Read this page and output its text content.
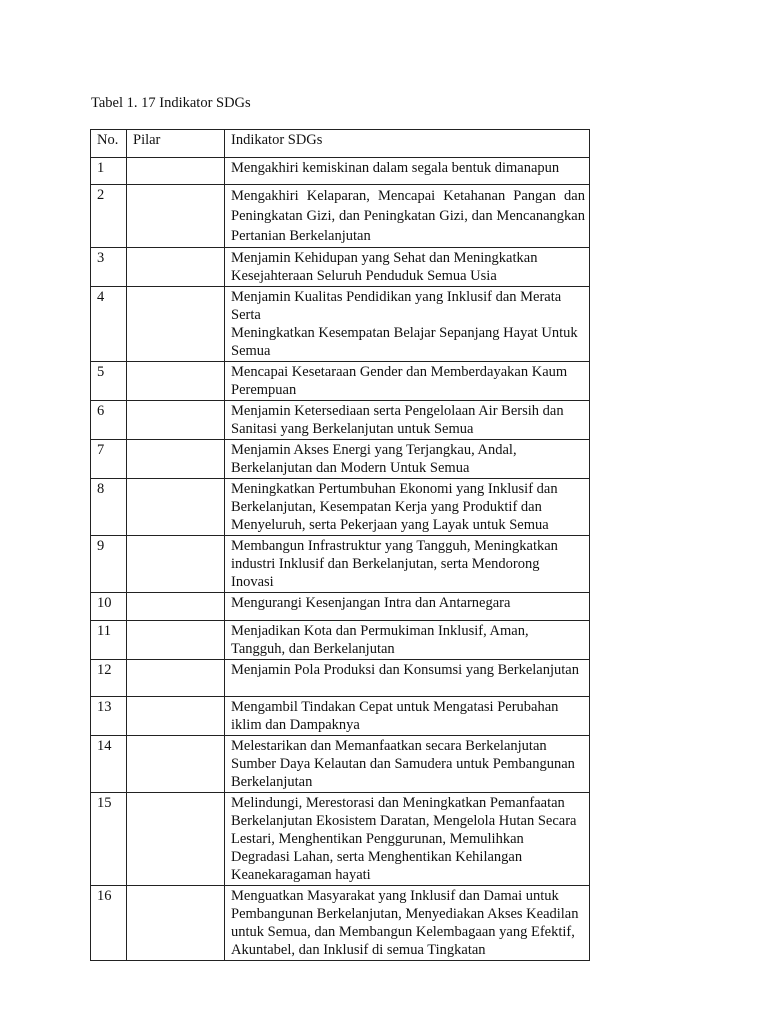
Tabel 1. 17 Indikator SDGs
No.	Pilar	Indikator SDGs
1		Mengakhiri kemiskinan dalam segala bentuk dimanapun

2		Mengakhiri Kelaparan, Mencapai Ketahanan Pangan dan Peningkatan Gizi, dan Peningkatan Gizi, dan Mencanangkan Pertanian Berkelanjutan

3		Menjamin Kehidupan yang Sehat dan Meningkatkan Kesejahteraan Seluruh Penduduk Semua Usia

4		Menjamin Kualitas Pendidikan yang Inklusif dan Merata Serta
Meningkatkan Kesempatan Belajar Sepanjang Hayat Untuk Semua

5		Mencapai Kesetaraan Gender dan Memberdayakan Kaum Perempuan

6		Menjamin Ketersediaan serta Pengelolaan Air Bersih dan Sanitasi yang Berkelanjutan untuk Semua

7		Menjamin Akses Energi yang Terjangkau, Andal, Berkelanjutan dan Modern Untuk Semua

8		Meningkatkan Pertumbuhan Ekonomi yang Inklusif dan Berkelanjutan, Kesempatan Kerja yang Produktif dan Menyeluruh, serta Pekerjaan yang Layak untuk Semua

9		Membangun Infrastruktur yang Tangguh, Meningkatkan industri Inklusif dan Berkelanjutan, serta Mendorong Inovasi

10		Mengurangi Kesenjangan Intra dan Antarnegara

11		Menjadikan Kota dan Permukiman Inklusif, Aman, Tangguh, dan Berkelanjutan

12		Menjamin Pola Produksi dan Konsumsi yang Berkelanjutan

13		Mengambil Tindakan Cepat untuk Mengatasi Perubahan iklim dan Dampaknya

14		Melestarikan dan Memanfaatkan secara Berkelanjutan Sumber Daya Kelautan dan Samudera untuk Pembangunan Berkelanjutan

15		Melindungi, Merestorasi dan Meningkatkan Pemanfaatan Berkelanjutan Ekosistem Daratan, Mengelola Hutan Secara Lestari, Menghentikan Penggurunan, Memulihkan Degradasi Lahan, serta Menghentikan Kehilangan Keanekaragaman hayati

16		Menguatkan Masyarakat yang Inklusif dan Damai untuk Pembangunan Berkelanjutan, Menyediakan Akses Keadilan untuk Semua, dan Membangun Kelembagaan yang Efektif, Akuntabel, dan Inklusif di semua Tingkatan
